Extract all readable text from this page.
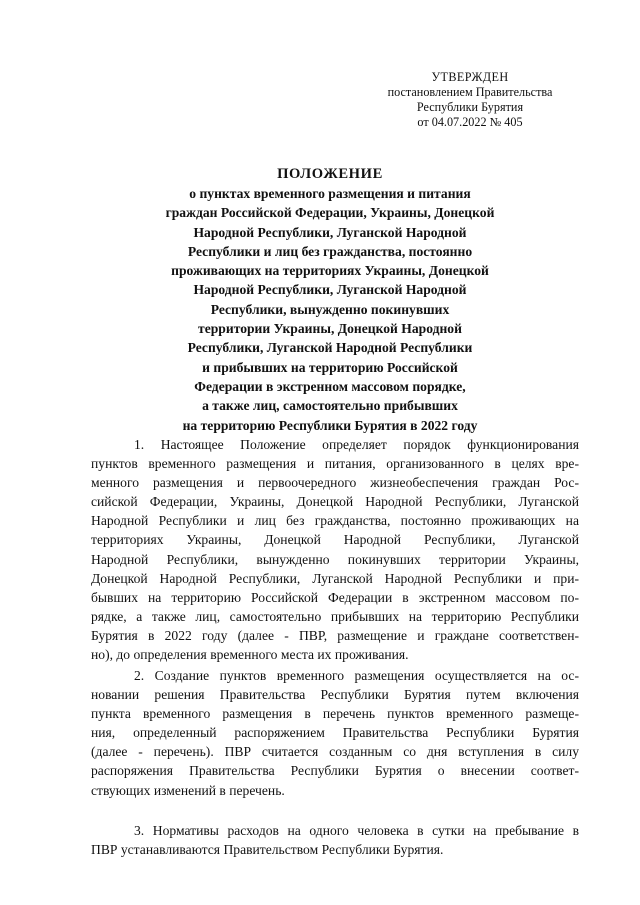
УТВЕРЖДЕН
постановлением Правительства
Республики Бурятия
от 04.07.2022 № 405
ПОЛОЖЕНИЕ
о пунктах временного размещения и питания
граждан Российской Федерации, Украины, Донецкой
Народной Республики, Луганской Народной
Республики и лиц без гражданства, постоянно
проживающих на территориях Украины, Донецкой
Народной Республики, Луганской Народной
Республики, вынужденно покинувших
территории Украины, Донецкой Народной
Республики, Луганской Народной Республики
и прибывших на территорию Российской
Федерации в экстренном массовом порядке,
а также лиц, самостоятельно прибывших
на территорию Республики Бурятия в 2022 году
1. Настоящее Положение определяет порядок функционирования
пунктов временного размещения и питания, организованного в целях вре-
менного размещения и первоочередного жизнеобеспечения граждан Рос-
сийской Федерации, Украины, Донецкой Народной Республики, Луганской
Народной Республики и лиц без гражданства, постоянно проживающих на
территориях Украины, Донецкой Народной Республики, Луганской
Народной Республики, вынужденно покинувших территории Украины,
Донецкой Народной Республики, Луганской Народной Республики и при-
бывших на территорию Российской Федерации в экстренном массовом по-
рядке, а также лиц, самостоятельно прибывших на территорию Республики
Бурятия в 2022 году (далее - ПВР, размещение и граждане соответствен-
но), до определения временного места их проживания.
2. Создание пунктов временного размещения осуществляется на ос-
новании решения Правительства Республики Бурятия путем включения
пункта временного размещения в перечень пунктов временного размеще-
ния, определенный распоряжением Правительства Республики Бурятия
(далее - перечень). ПВР считается созданным со дня вступления в силу
распоряжения Правительства Республики Бурятия о внесении соответ-
ствующих изменений в перечень.
3. Нормативы расходов на одного человека в сутки на пребывание в
ПВР устанавливаются Правительством Республики Бурятия.
